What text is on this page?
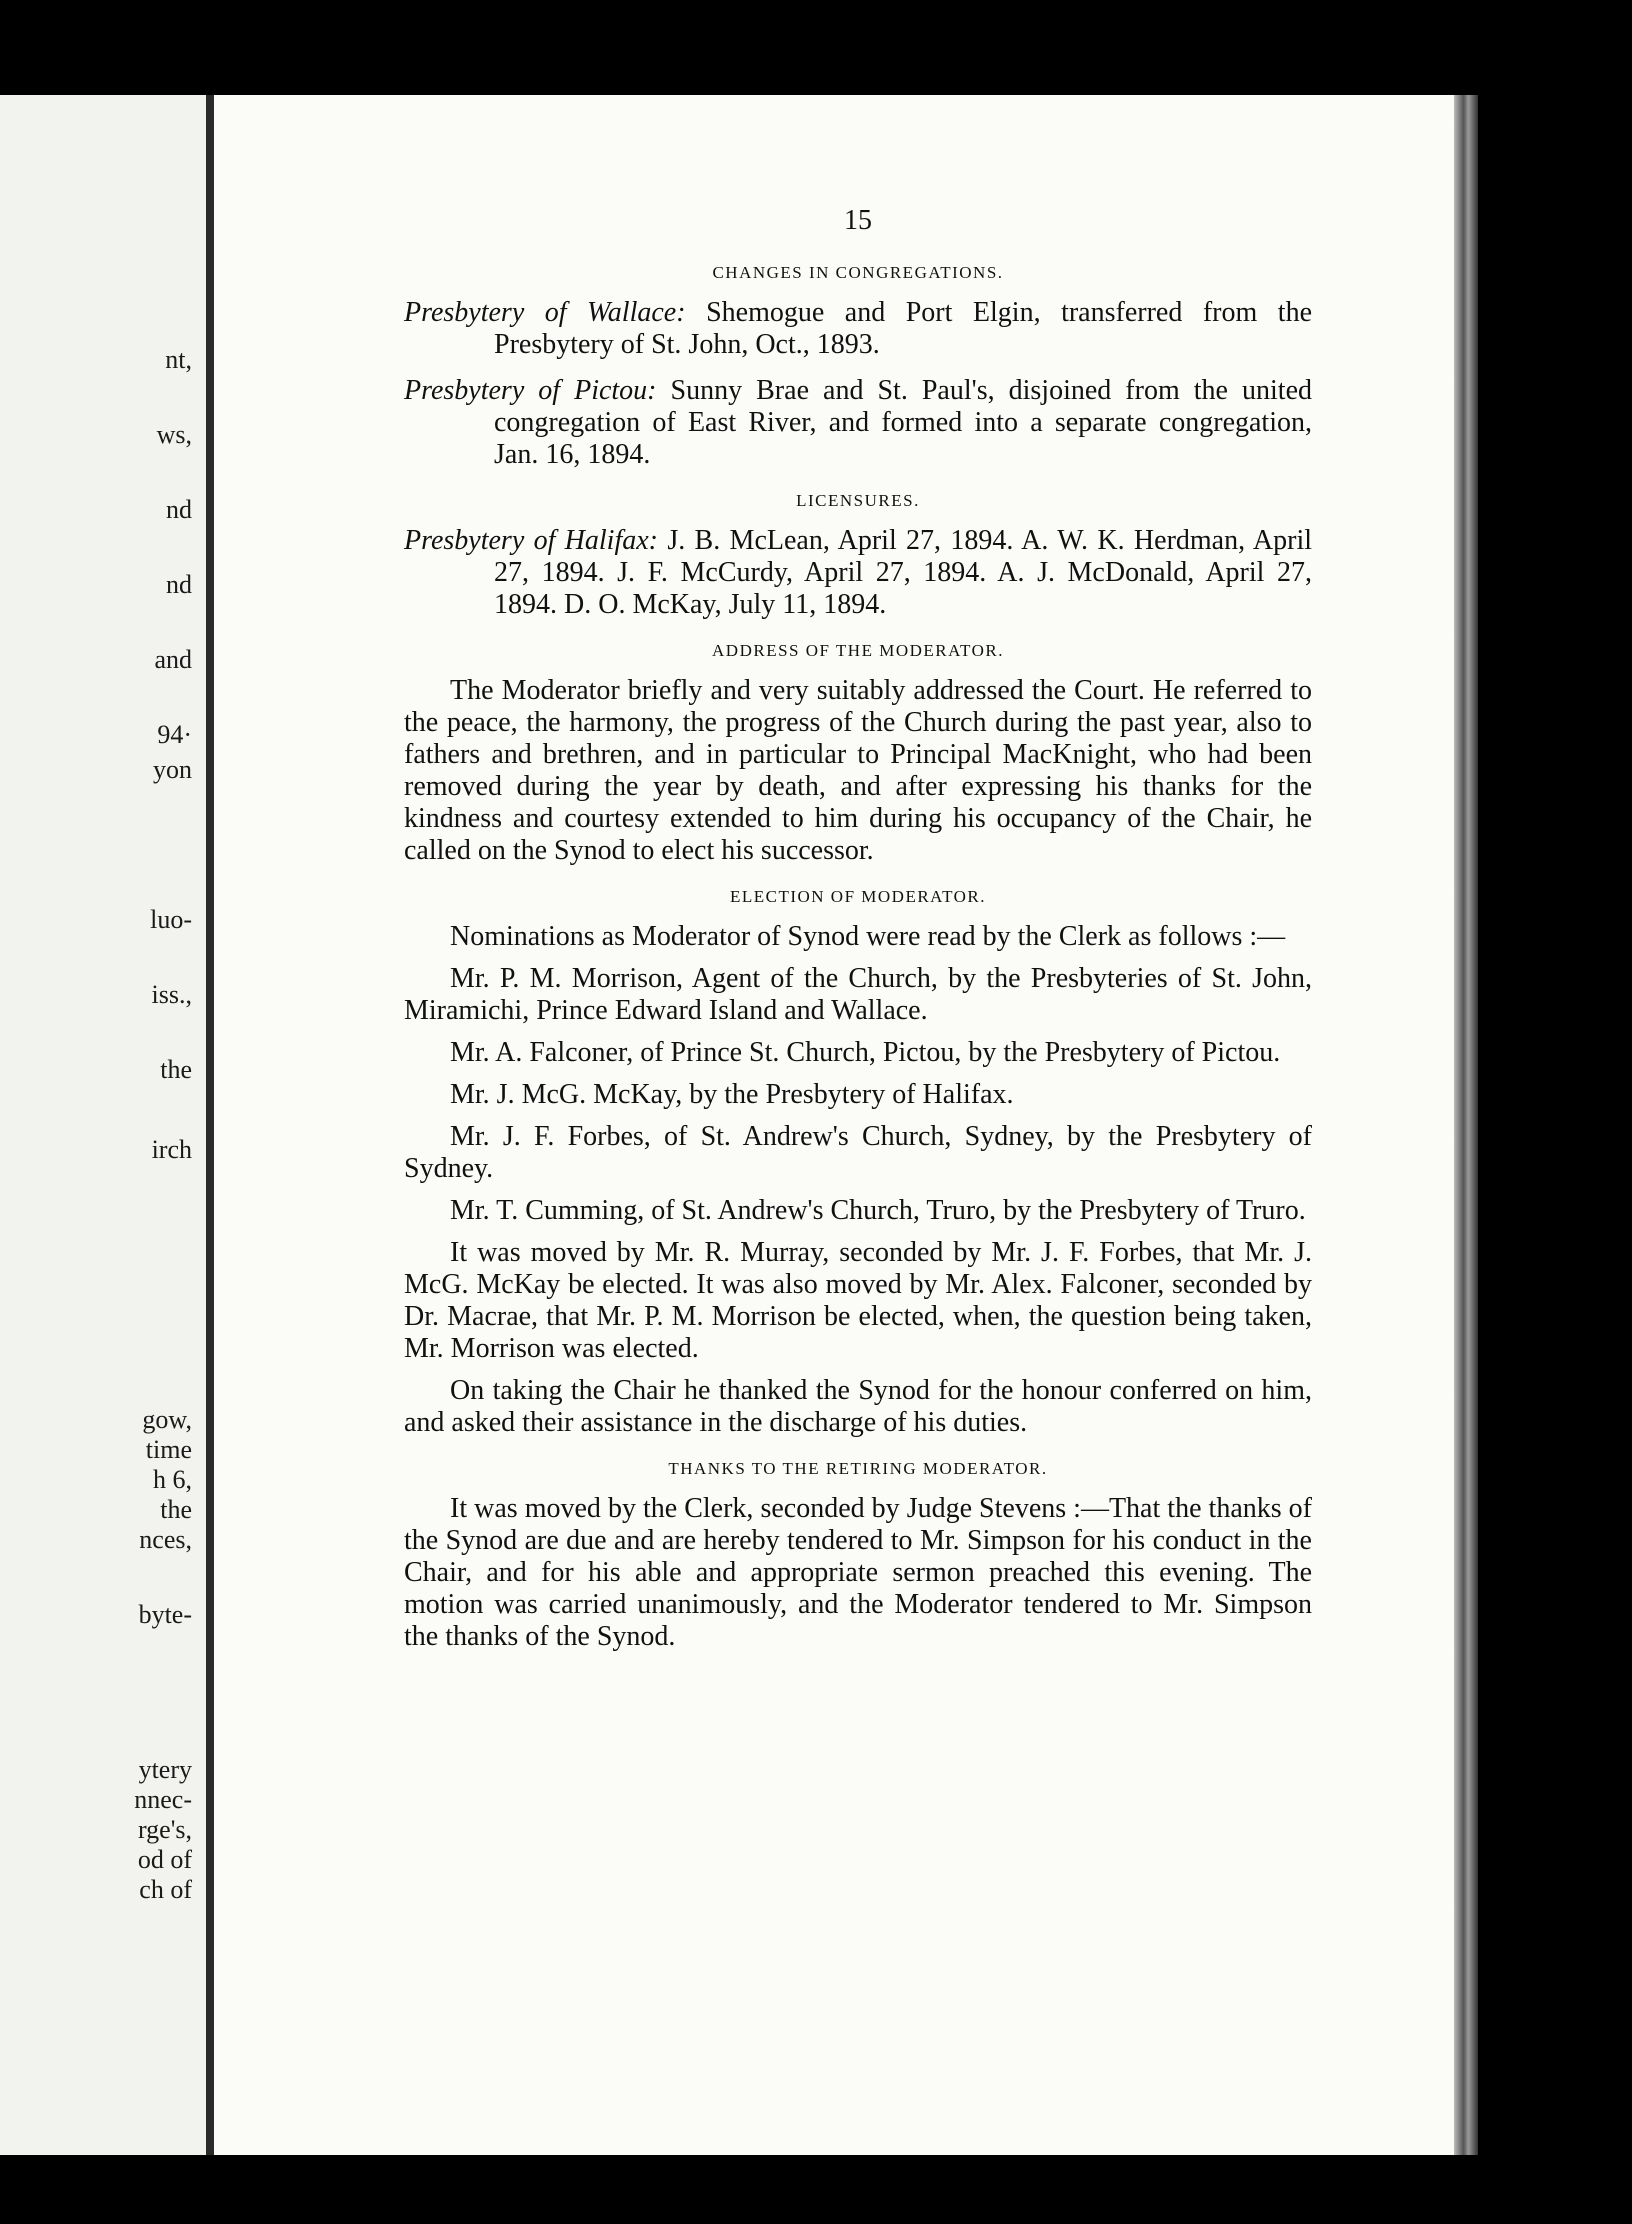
nt,
ws,
nd
nd
and
94·
yon
luo-
iss.,
the
irch
gow,
time
h 6,
the
nces,
byte-
ytery
nnec-
rge's,
od of
ch of
15
CHANGES IN CONGREGATIONS.

Presbytery of Wallace: Shemogue and Port Elgin, transferred from the Presbytery of St. John, Oct., 1893.

Presbytery of Pictou: Sunny Brae and St. Paul's, disjoined from the united congregation of East River, and formed into a separate congregation, Jan. 16, 1894.

LICENSURES.

Presbytery of Halifax: J. B. McLean, April 27, 1894. A. W. K. Herdman, April 27, 1894. J. F. McCurdy, April 27, 1894. A. J. McDonald, April 27, 1894. D. O. McKay, July 11, 1894.

ADDRESS OF THE MODERATOR.

The Moderator briefly and very suitably addressed the Court. He referred to the peace, the harmony, the progress of the Church during the past year, also to fathers and brethren, and in particular to Principal MacKnight, who had been removed during the year by death, and after expressing his thanks for the kindness and courtesy extended to him during his occupancy of the Chair, he called on the Synod to elect his successor.

ELECTION OF MODERATOR.

Nominations as Moderator of Synod were read by the Clerk as follows :—

Mr. P. M. Morrison, Agent of the Church, by the Presbyteries of St. John, Miramichi, Prince Edward Island and Wallace.

Mr. A. Falconer, of Prince St. Church, Pictou, by the Presbytery of Pictou.

Mr. J. McG. McKay, by the Presbytery of Halifax.

Mr. J. F. Forbes, of St. Andrew's Church, Sydney, by the Presbytery of Sydney.

Mr. T. Cumming, of St. Andrew's Church, Truro, by the Presbytery of Truro.

It was moved by Mr. R. Murray, seconded by Mr. J. F. Forbes, that Mr. J. McG. McKay be elected. It was also moved by Mr. Alex. Falconer, seconded by Dr. Macrae, that Mr. P. M. Morrison be elected, when, the question being taken, Mr. Morrison was elected.

On taking the Chair he thanked the Synod for the honour conferred on him, and asked their assistance in the discharge of his duties.

THANKS TO THE RETIRING MODERATOR.

It was moved by the Clerk, seconded by Judge Stevens :—That the thanks of the Synod are due and are hereby tendered to Mr. Simpson for his conduct in the Chair, and for his able and appropriate sermon preached this evening. The motion was carried unanimously, and the Moderator tendered to Mr. Simpson the thanks of the Synod.
